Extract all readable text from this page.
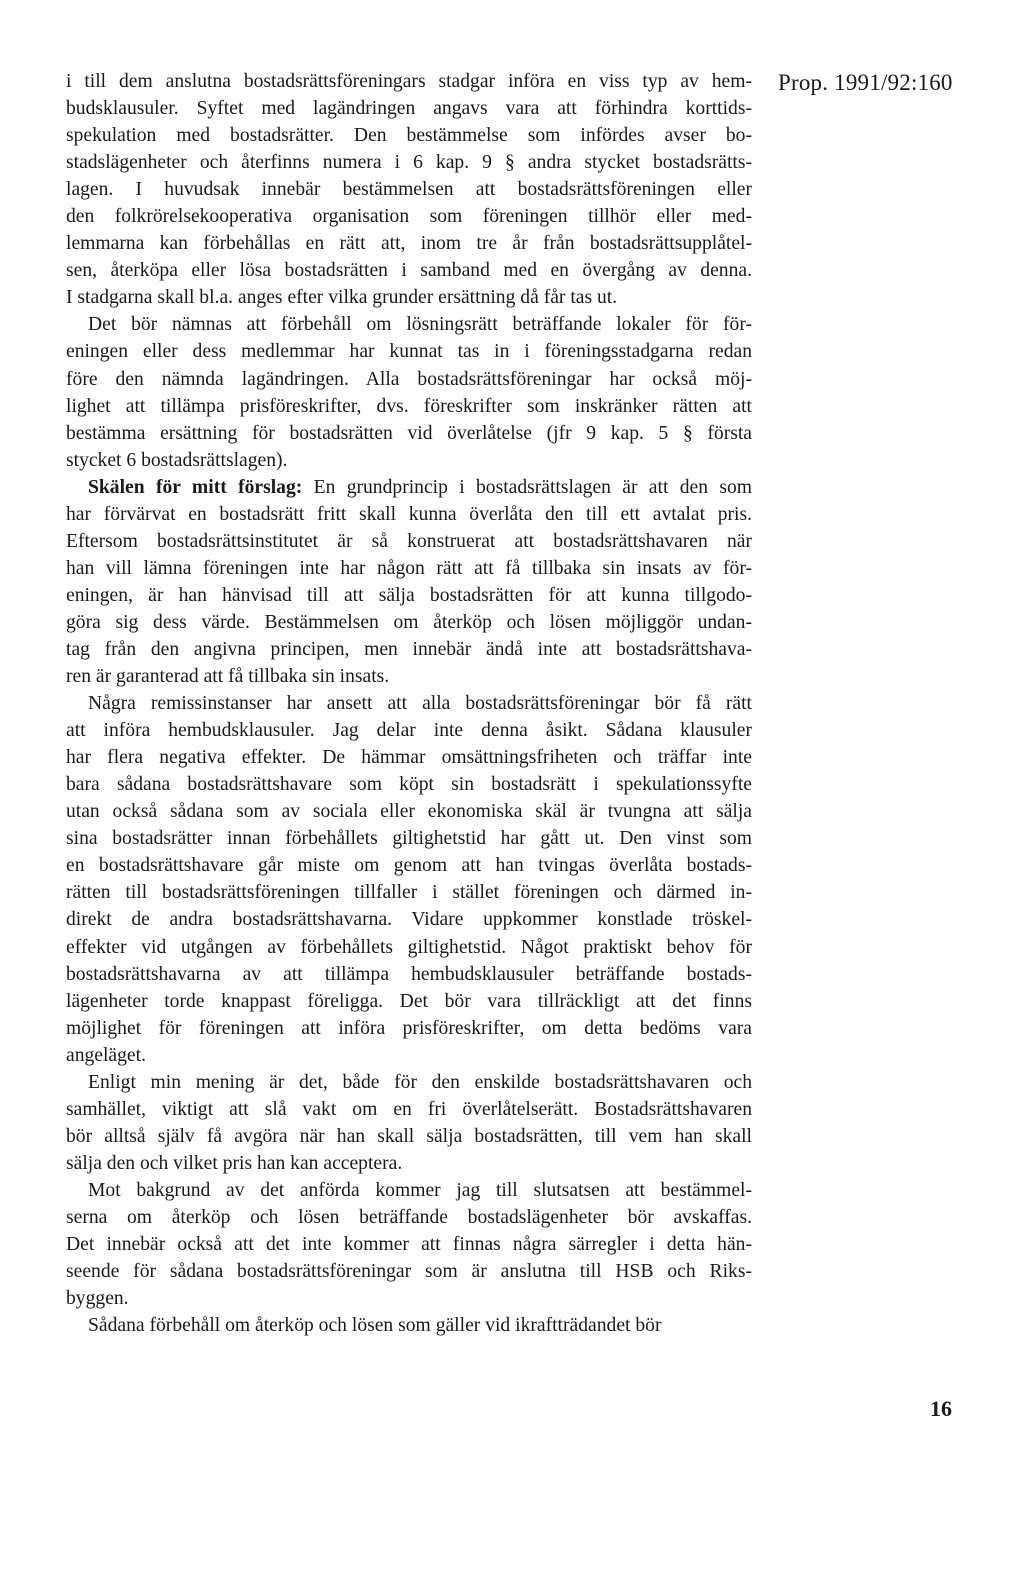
Prop. 1991/92:160
i till dem anslutna bostadsrättsföreningars stadgar införa en viss typ av hem-
budsklausuler. Syftet med lagändringen angavs vara att förhindra korttids-
spekulation med bostadsrätter. Den bestämmelse som infördes avser bo-
stadslägenheter och återfinns numera i 6 kap. 9 § andra stycket bostadsrätts-
lagen. I huvudsak innebär bestämmelsen att bostadsrättsföreningen eller
den folkrörelsekooperativa organisation som föreningen tillhör eller med-
lemmarna kan förbehållas en rätt att, inom tre år från bostadsrättsupplåtel-
sen, återköpa eller lösa bostadsrätten i samband med en övergång av denna.
I stadgarna skall bl.a. anges efter vilka grunder ersättning då får tas ut.
Det bör nämnas att förbehåll om lösningsrätt beträffande lokaler för för-
eningen eller dess medlemmar har kunnat tas in i föreningsstadgarna redan
före den nämnda lagändringen. Alla bostadsrättsföreningar har också möj-
lighet att tillämpa prisföreskrifter, dvs. föreskrifter som inskränker rätten att
bestämma ersättning för bostadsrätten vid överlåtelse (jfr 9 kap. 5 § första
stycket 6 bostadsrättslagen).
Skälen för mitt förslag: En grundprincip i bostadsrättslagen är att den som
har förvärvat en bostadsrätt fritt skall kunna överlåta den till ett avtalat pris.
Eftersom bostadsrättsinstitutet är så konstruerat att bostadsrättshavaren när
han vill lämna föreningen inte har någon rätt att få tillbaka sin insats av för-
eningen, är han hänvisad till att sälja bostadsrätten för att kunna tillgodo-
göra sig dess värde. Bestämmelsen om återköp och lösen möjliggör undan-
tag från den angivna principen, men innebär ändå inte att bostadsrättshava-
ren är garanterad att få tillbaka sin insats.
Några remissinstanser har ansett att alla bostadsrättsföreningar bör få rätt
att införa hembudsklausuler. Jag delar inte denna åsikt. Sådana klausuler
har flera negativa effekter. De hämmar omsättningsfriheten och träffar inte
bara sådana bostadsrättshavare som köpt sin bostadsrätt i spekulationssyfte
utan också sådana som av sociala eller ekonomiska skäl är tvungna att sälja
sina bostadsrätter innan förbehållets giltighetstid har gått ut. Den vinst som
en bostadsrättshavare går miste om genom att han tvingas överlåta bostads-
rätten till bostadsrättsföreningen tillfaller i stället föreningen och därmed in-
direkt de andra bostadsrättshavarna. Vidare uppkommer konstlade tröskel-
effekter vid utgången av förbehållets giltighetstid. Något praktiskt behov för
bostadsrättshavarna av att tillämpa hembudsklausuler beträffande bostads-
lägenheter torde knappast föreligga. Det bör vara tillräckligt att det finns
möjlighet för föreningen att införa prisföreskrifter, om detta bedöms vara
angeläget.
Enligt min mening är det, både för den enskilde bostadsrättshavaren och
samhället, viktigt att slå vakt om en fri överlåtelserätt. Bostadsrättshavaren
bör alltså själv få avgöra när han skall sälja bostadsrätten, till vem han skall
sälja den och vilket pris han kan acceptera.
Mot bakgrund av det anförda kommer jag till slutsatsen att bestämmel-
serna om återköp och lösen beträffande bostadslägenheter bör avskaffas.
Det innebär också att det inte kommer att finnas några särregler i detta hän-
seende för sådana bostadsrättsföreningar som är anslutna till HSB och Riks-
byggen.
Sådana förbehåll om återköp och lösen som gäller vid ikraftträdandet bör
16
